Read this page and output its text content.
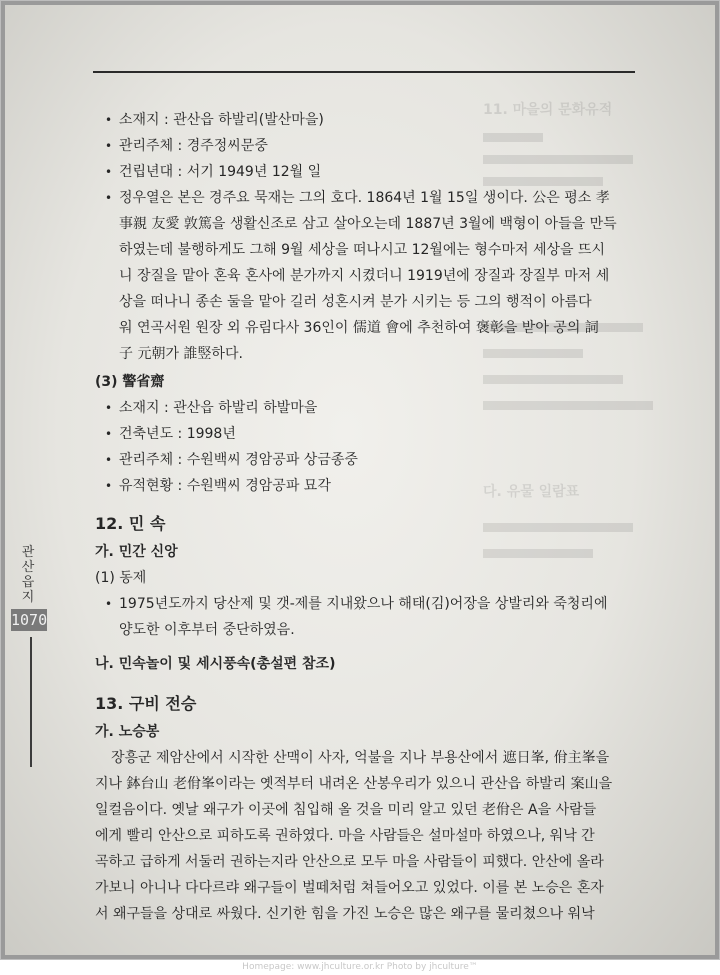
11. 마을의 문화유적
다. 유물 일람표
관산읍지
1070
• 소재지 : 관산읍 하발리(발산마을)
• 관리주체 : 경주정씨문중
• 건립년대 : 서기 1949년 12월 일
• 정우열은 본은 경주요 묵재는 그의 호다. 1864년 1월 15일 생이다. 公은 평소 孝
事親 友愛 敦篤을 생활신조로 삼고 살아오는데 1887년 3월에 백형이 아들을 만득
하였는데 불행하게도 그해 9월 세상을 떠나시고 12월에는 형수마저 세상을 뜨시
니 장질을 맡아 혼육 혼사에 분가까지 시켰더니 1919년에 장질과 장질부 마저 세
상을 떠나니 종손 둘을 맡아 길러 성혼시켜 분가 시키는 등 그의 행적이 아름다
워 연곡서원 원장 외 유림다사 36인이 儒道 會에 추천하여 褒彰을 받아 공의 詞
子 元朝가 誰竪하다.
(3) 警省齋
• 소재지 : 관산읍 하발리 하발마을
• 건축년도 : 1998년
• 관리주체 : 수원백씨 경암공파 상금종중
• 유적현황 : 수원백씨 경암공파 묘각
12. 민 속
가. 민간 신앙
(1) 동제
• 1975년도까지 당산제 및 갯-제를 지내왔으나 해태(김)어장을 상발리와 죽청리에
양도한 이후부터 중단하였음.
나. 민속놀이 및 세시풍속(총설편 참조)
13. 구비 전승
가. 노승봉
장흥군 제암산에서 시작한 산맥이 사자, 억불을 지나 부용산에서 遮日峯, 佾主峯을
지나 鉢台山 老佾峯이라는 옛적부터 내려온 산봉우리가 있으니 관산읍 하발리 案山을
일컬음이다. 옛날 왜구가 이곳에 침입해 올 것을 미리 알고 있던 老佾은 A을 사람들
에게 빨리 안산으로 피하도록 권하였다. 마을 사람들은 설마설마 하였으나, 워낙 간
곡하고 급하게 서둘러 권하는지라 안산으로 모두 마을 사람들이 피했다. 안산에 올라
가보니 아니나 다다르랴 왜구들이 벌떼처럼 쳐들어오고 있었다. 이를 본 노승은 혼자
서 왜구들을 상대로 싸웠다. 신기한 힘을 가진 노승은 많은 왜구를 물리쳤으나 워낙
Homepage: www.jhculture.or.kr Photo by jhculture™
